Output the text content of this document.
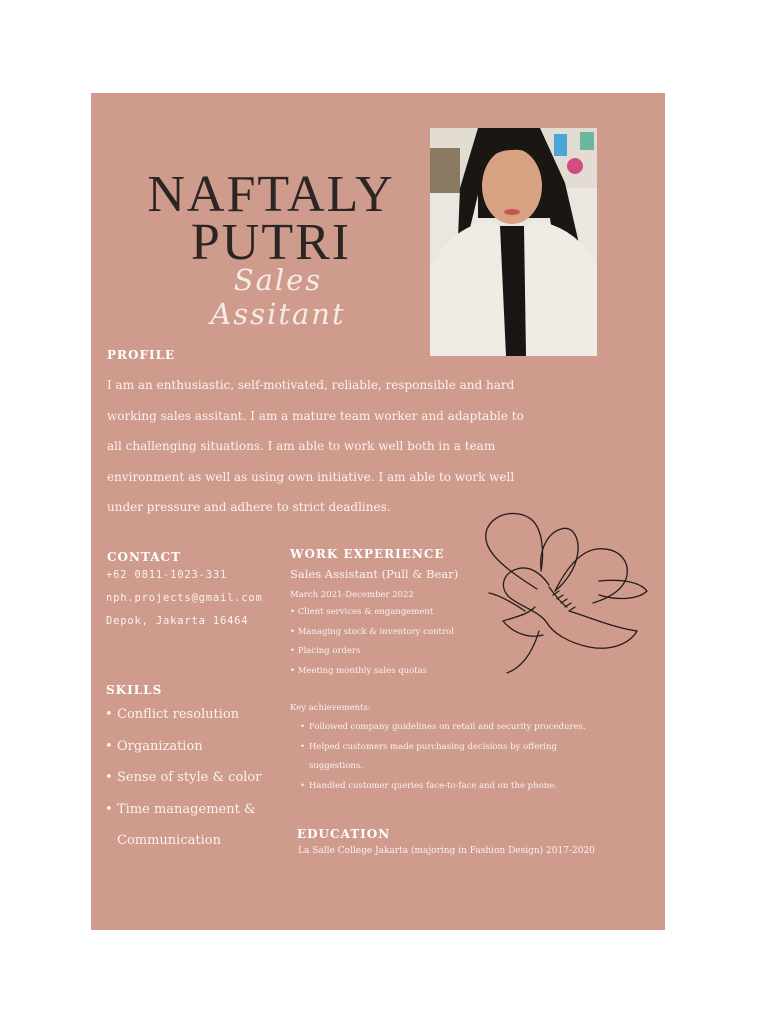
NAFTALY
PUTRI
Sales Assitant
PROFILE
I am an enthusiastic, self-motivated, reliable, responsible and hard working sales assitant. I am a mature team worker and adaptable to all challenging situations. I am able to work well both in a team environment as well as using own initiative. I am able to work well under pressure and adhere to strict deadlines.
CONTACT
+62 0811-1023-331
nph.projects@gmail.com
Depok, Jakarta 16464
SKILLS
• Conflict resolution
• Organization
• Sense of style & color
• Time management &
Communication
WORK EXPERIENCE
Sales Assistant (Pull & Bear)
March 2021-December 2022
• Client services & engangement
• Managing stock & inventory control
• Placing orders
• Meeting monthly sales quotas
Key achievements:
• Followed company guidelines on retail and security procedures.
• Helped customers made purchasing decisions by offering suggestions.
• Handled customer queries face-to-face and on the phone.
EDUCATION
La Salle College Jakarta (majoring in Fashion Design) 2017-2020
